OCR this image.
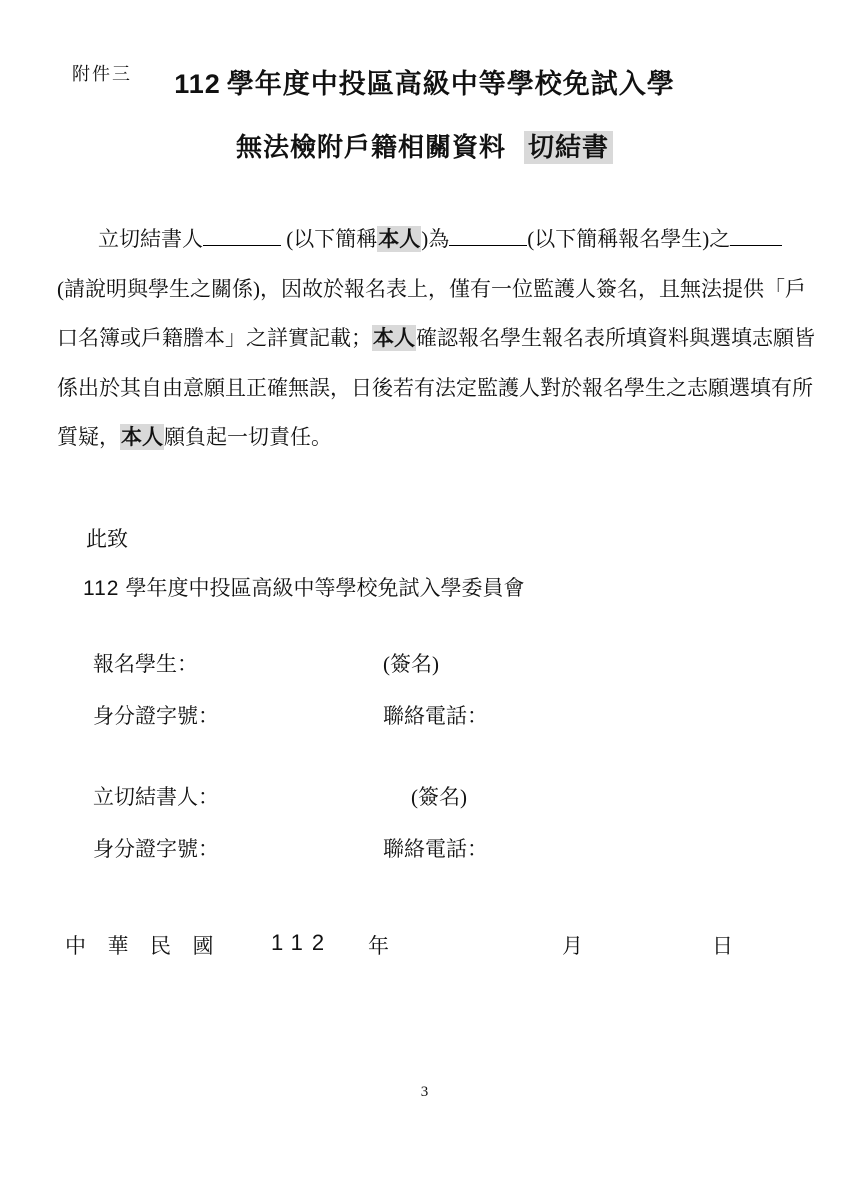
附件三	112 學年度中投區高級中等學校免試入學
無法檢附戶籍相關資料 切結書
立切結書人	(以下簡稱本人)為	(以下簡稱報名學生)之
(請說明與學生之關係)，因故於報名表上，僅有一位監護人簽名，且無法提供「戶
口名簿或戶籍謄本」之詳實記載；本人確認報名學生報名表所填資料與選填志願皆
係出於其自由意願且正確無誤，日後若有法定監護人對於報名學生之志願選填有所
質疑，本人願負起一切責任。
此致
112 學年度中投區高級中等學校免試入學委員會
報名學生：	(簽名)
身分證字號：	聯絡電話：
立切結書人：	(簽名)
身分證字號：	聯絡電話：
中華民國 112 年	月	日
3
